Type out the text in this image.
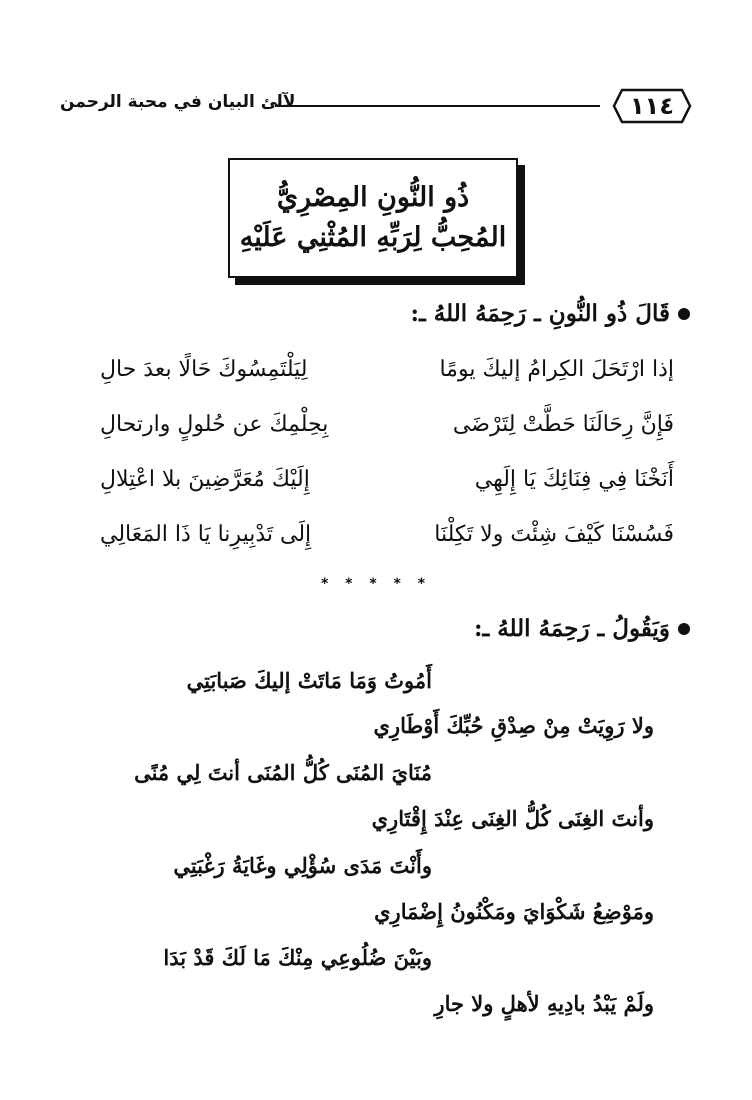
١١٤
لآلئ البيان في محبة الرحمن
ذُو النُّونِ المِصْرِيُّ
المُحِبُّ لِرَبِّهِ المُثْنِي عَلَيْهِ
قَالَ ذُو النُّونِ ـ رَحِمَهُ اللهُ ـ:
إذا ارْتَحَلَ الكِرامُ إليكَ يومًا
لِيَلْتَمِسُوكَ حَالًا بعدَ حالِ
فَإِنَّ رِحَالَنَا حَطَّتْ لِتَرْضَى
بِحِلْمِكَ عن حُلولٍ وارتحالِ
أَنَخْنَا فِي فِنَائِكَ يَا إِلَهِي
إِلَيْكَ مُعَرَّضِينَ بلا اعْتِلالِ
فَسُسْنَا كَيْفَ شِئْتَ ولا تَكِلْنَا
إِلَى تَدْبِيرِنا يَا ذَا المَعَالِي
* * * * *
وَيَقُولُ ـ رَحِمَهُ اللهُ ـ:
أَمُوتُ وَمَا مَاتَتْ إليكَ صَبابَتِي
ولا رَوِيَتْ مِنْ صِدْقِ حُبِّكَ أَوْطَارِي
مُنَايَ المُنَى كُلُّ المُنَى أنتَ لِي مُنًى
وأنتَ الغِنَى كُلُّ الغِنَى عِنْدَ إِقْتَارِي
وأَنْتَ مَدَى سُؤْلِي وغَايَةُ رَغْبَتِي
ومَوْضِعُ شَكْوَايَ ومَكْنُونُ إِضْمَارِي
وبَيْنَ ضُلُوعِي مِنْكَ مَا لَكَ قَدْ بَدَا
ولَمْ يَبْدُ بادِيهِ لأهلٍ ولا جارِ
